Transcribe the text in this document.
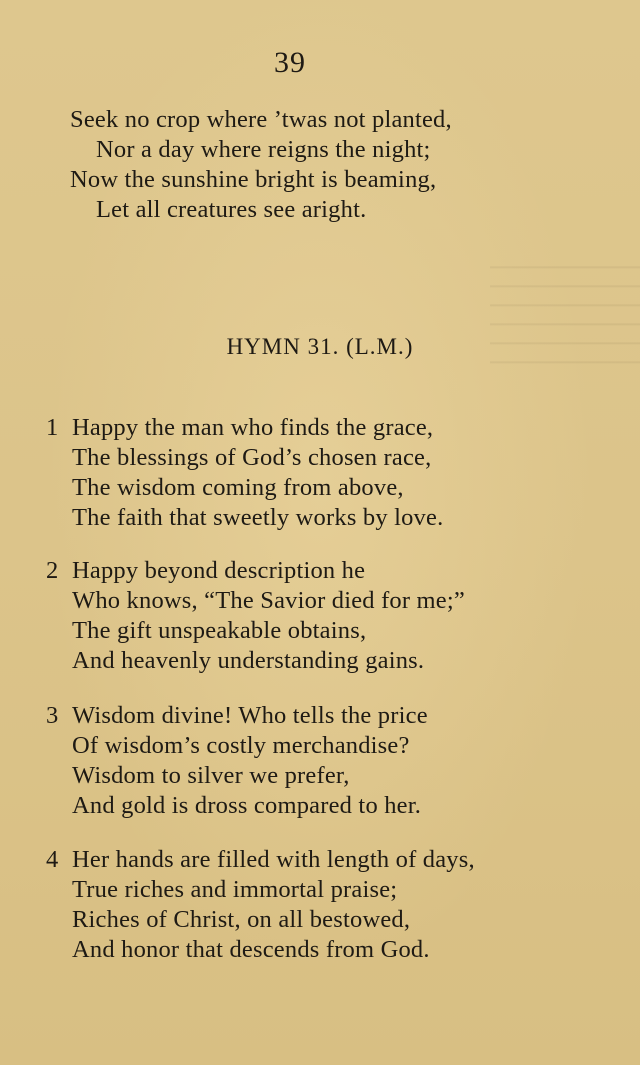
39
Seek no crop where ’twas not planted,
Nor a day where reigns the night;
Now the sunshine bright is beaming,
Let all creatures see aright.
HYMN 31. (L.M.)
1 Happy the man who finds the grace,
The blessings of God’s chosen race,
The wisdom coming from above,
The faith that sweetly works by love.
2 Happy beyond description he
Who knows, “The Savior died for me;”
The gift unspeakable obtains,
And heavenly understanding gains.
3 Wisdom divine! Who tells the price
Of wisdom’s costly merchandise?
Wisdom to silver we prefer,
And gold is dross compared to her.
4 Her hands are filled with length of days,
True riches and immortal praise;
Riches of Christ, on all bestowed,
And honor that descends from God.
